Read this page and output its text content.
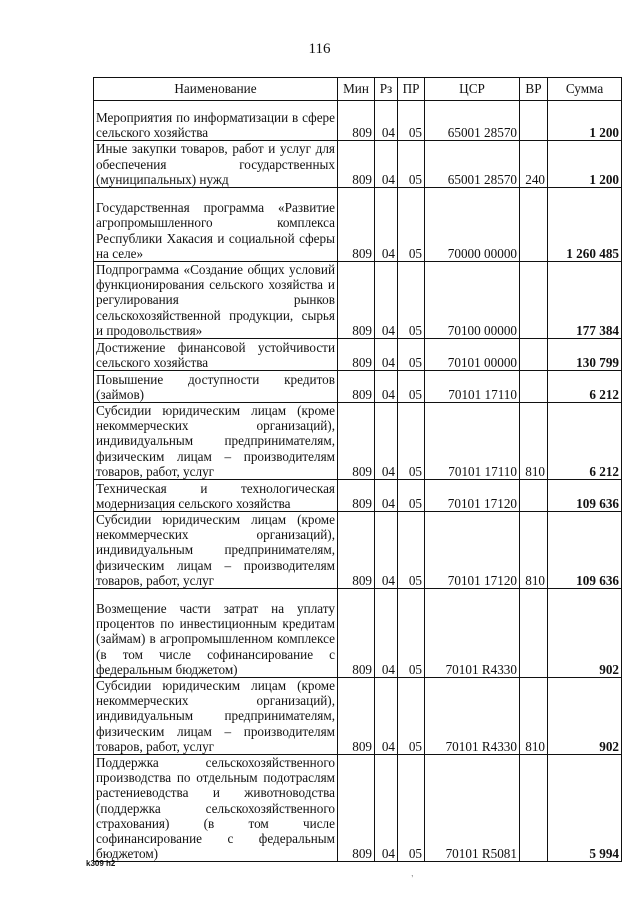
116
Наименование	Мин	Рз	ПР	ЦСР	ВР	Сумма
Мероприятия по информатизации в сфере сельского хозяйства	809	04	05	65001 28570		1 200
Иные закупки товаров, работ и услуг для обеспечения государственных (муниципальных) нужд	809	04	05	65001 28570	240	1 200
Государственная программа «Развитие агропромышленного комплекса Республики Хакасия и социальной сферы на селе»	809	04	05	70000 00000		1 260 485
Подпрограмма «Создание общих условий функционирования сельского хозяйства и регулирования рынков сельскохозяйственной продукции, сырья и продовольствия»	809	04	05	70100 00000		177 384
Достижение финансовой устойчивости сельского хозяйства	809	04	05	70101 00000		130 799
Повышение доступности кредитов (займов)	809	04	05	70101 17110		6 212
Субсидии юридическим лицам (кроме некоммерческих организаций), индивидуальным предпринимателям, физическим лицам – производителям товаров, работ, услуг	809	04	05	70101 17110	810	6 212
Техническая и технологическая модернизация сельского хозяйства	809	04	05	70101 17120		109 636
Субсидии юридическим лицам (кроме некоммерческих организаций), индивидуальным предпринимателям, физическим лицам – производителям товаров, работ, услуг	809	04	05	70101 17120	810	109 636
Возмещение части затрат на уплату процентов по инвестиционным кредитам (займам) в агропромышленном комплексе (в том числе софинансирование с федеральным бюджетом)	809	04	05	70101 R4330		902
Субсидии юридическим лицам (кроме некоммерческих организаций), индивидуальным предпринимателям, физическим лицам – производителям товаров, работ, услуг	809	04	05	70101 R4330	810	902
Поддержка сельскохозяйственного производства по отдельным подотраслям растениеводства и животноводства (поддержка сельскохозяйственного страхования) (в том числе софинансирование с федеральным бюджетом)	809	04	05	70101 R5081		5 994
k309 h2
,
